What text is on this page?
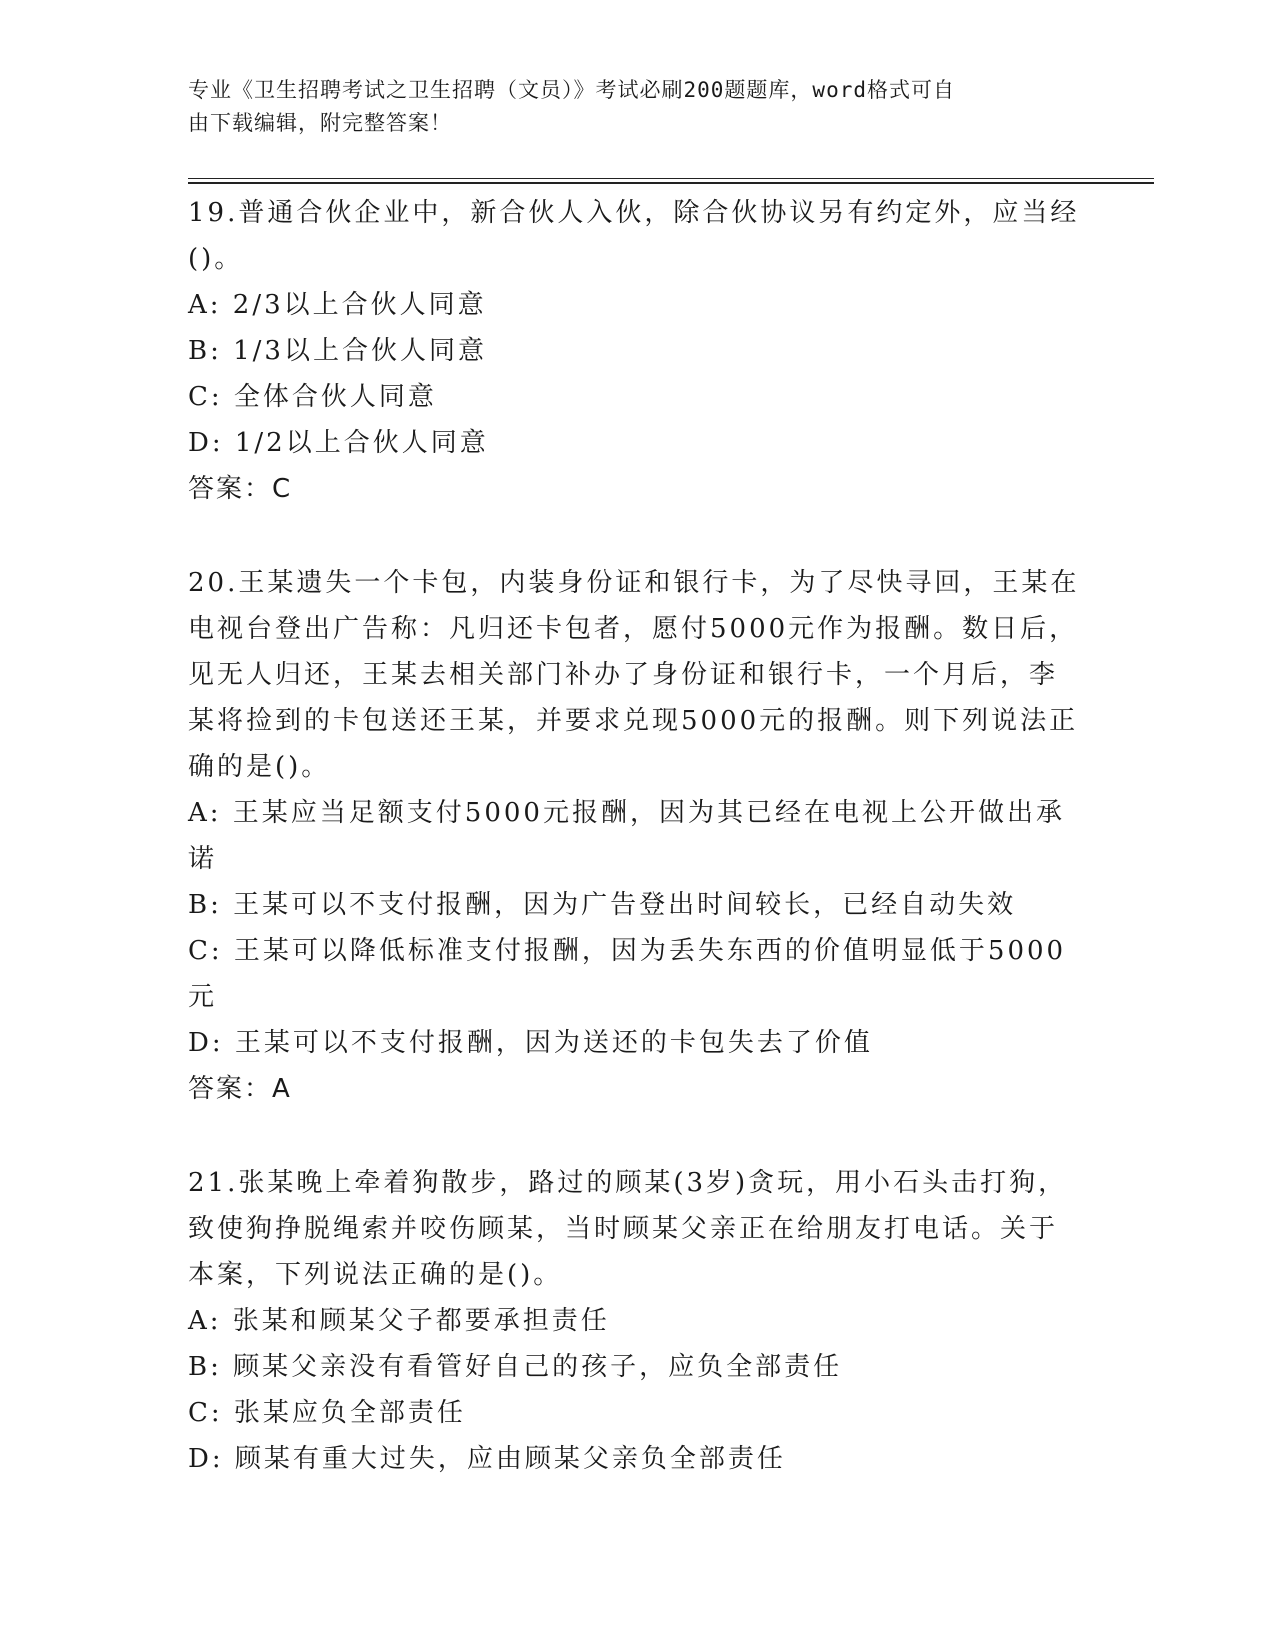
专业《卫生招聘考试之卫生招聘（文员）》考试必刷200题题库，word格式可自
由下载编辑，附完整答案！
19.普通合伙企业中，新合伙人入伙，除合伙协议另有约定外，应当经
()。
A: 2/3以上合伙人同意
B: 1/3以上合伙人同意
C: 全体合伙人同意
D: 1/2以上合伙人同意
答案：C
20.王某遗失一个卡包，内装身份证和银行卡，为了尽快寻回，王某在
电视台登出广告称：凡归还卡包者，愿付5000元作为报酬。数日后，
见无人归还，王某去相关部门补办了身份证和银行卡，一个月后，李
某将捡到的卡包送还王某，并要求兑现5000元的报酬。则下列说法正
确的是()。
A: 王某应当足额支付5000元报酬，因为其已经在电视上公开做出承
诺
B: 王某可以不支付报酬，因为广告登出时间较长，已经自动失效
C: 王某可以降低标准支付报酬，因为丢失东西的价值明显低于5000
元
D: 王某可以不支付报酬，因为送还的卡包失去了价值
答案：A
21.张某晚上牵着狗散步，路过的顾某(3岁)贪玩，用小石头击打狗，
致使狗挣脱绳索并咬伤顾某，当时顾某父亲正在给朋友打电话。关于
本案，下列说法正确的是()。
A: 张某和顾某父子都要承担责任
B: 顾某父亲没有看管好自己的孩子，应负全部责任
C: 张某应负全部责任
D: 顾某有重大过失，应由顾某父亲负全部责任
